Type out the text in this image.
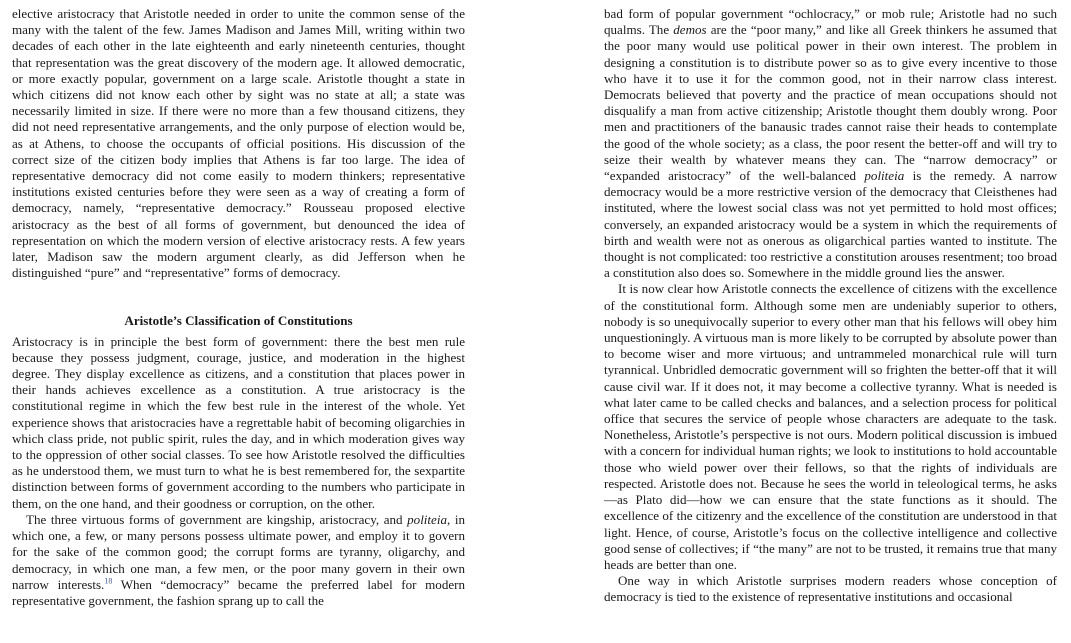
elective aristocracy that Aristotle needed in order to unite the common sense of the many with the talent of the few. James Madison and James Mill, writing within two decades of each other in the late eighteenth and early nineteenth centuries, thought that representation was the great discovery of the modern age. It allowed democratic, or more exactly popular, government on a large scale. Aristotle thought a state in which citizens did not know each other by sight was no state at all; a state was necessarily limited in size. If there were no more than a few thousand citizens, they did not need representative arrangements, and the only purpose of election would be, as at Athens, to choose the occupants of official positions. His discussion of the correct size of the citizen body implies that Athens is far too large. The idea of representative democracy did not come easily to modern thinkers; representative institutions existed centuries before they were seen as a way of creating a form of democracy, namely, “representative democracy.” Rousseau proposed elective aristocracy as the best of all forms of government, but denounced the idea of representation on which the modern version of elective aristocracy rests. A few years later, Madison saw the modern argument clearly, as did Jefferson when he distinguished “pure” and “representative” forms of democracy.

Aristotle’s Classification of Constitutions

Aristocracy is in principle the best form of government: there the best men rule because they possess judgment, courage, justice, and moderation in the highest degree. They display excellence as citizens, and a constitution that places power in their hands achieves excellence as a constitution. A true aristocracy is the constitutional regime in which the few best rule in the interest of the whole. Yet experience shows that aristocracies have a regrettable habit of becoming oligarchies in which class pride, not public spirit, rules the day, and in which moderation gives way to the oppression of other social classes. To see how Aristotle resolved the difficulties as he understood them, we must turn to what he is best remembered for, the sexpartite distinction between forms of government according to the numbers who participate in them, on the one hand, and their goodness or corruption, on the other.

The three virtuous forms of government are kingship, aristocracy, and politeia, in which one, a few, or many persons possess ultimate power, and employ it to govern for the sake of the common good; the corrupt forms are tyranny, oligarchy, and democracy, in which one man, a few men, or the poor many govern in their own narrow interests.$^{18}$ When “democracy” became the preferred label for modern representative government, the fashion sprang up to call the

bad form of popular government “ochlocracy,” or mob rule; Aristotle had no such qualms. The demos are the “poor many,” and like all Greek thinkers he assumed that the poor many would use political power in their own interest. The problem in designing a constitution is to distribute power so as to give every incentive to those who have it to use it for the common good, not in their narrow class interest. Democrats believed that poverty and the practice of mean occupations should not disqualify a man from active citizenship; Aristotle thought them doubly wrong. Poor men and practitioners of the banausic trades cannot raise their heads to contemplate the good of the whole society; as a class, the poor resent the better-off and will try to seize their wealth by whatever means they can. The “narrow democracy” or “expanded aristocracy” of the well-balanced politeia is the remedy. A narrow democracy would be a more restrictive version of the democracy that Cleisthenes had instituted, where the lowest social class was not yet permitted to hold most offices; conversely, an expanded aristocracy would be a system in which the requirements of birth and wealth were not as onerous as oligarchical parties wanted to institute. The thought is not complicated: too restrictive a constitution arouses resentment; too broad a constitution also does so. Somewhere in the middle ground lies the answer.

It is now clear how Aristotle connects the excellence of citizens with the excellence of the constitutional form. Although some men are undeniably superior to others, nobody is so unequivocally superior to every other man that his fellows will obey him unquestioningly. A virtuous man is more likely to be corrupted by absolute power than to become wiser and more virtuous; and untrammeled monarchical rule will turn tyrannical. Unbridled democratic government will so frighten the better-off that it will cause civil war. If it does not, it may become a collective tyranny. What is needed is what later came to be called checks and balances, and a selection process for political office that secures the service of people whose characters are adequate to the task. Nonetheless, Aristotle’s perspective is not ours. Modern political discussion is imbued with a concern for individual human rights; we look to institutions to hold accountable those who wield power over their fellows, so that the rights of individuals are respected. Aristotle does not. Because he sees the world in teleological terms, he asks—as Plato did—how we can ensure that the state functions as it should. The excellence of the citizenry and the excellence of the constitution are understood in that light. Hence, of course, Aristotle’s focus on the collective intelligence and collective good sense of collectives; if “the many” are not to be trusted, it remains true that many heads are better than one.

One way in which Aristotle surprises modern readers whose conception of democracy is tied to the existence of representative institutions and occasional
